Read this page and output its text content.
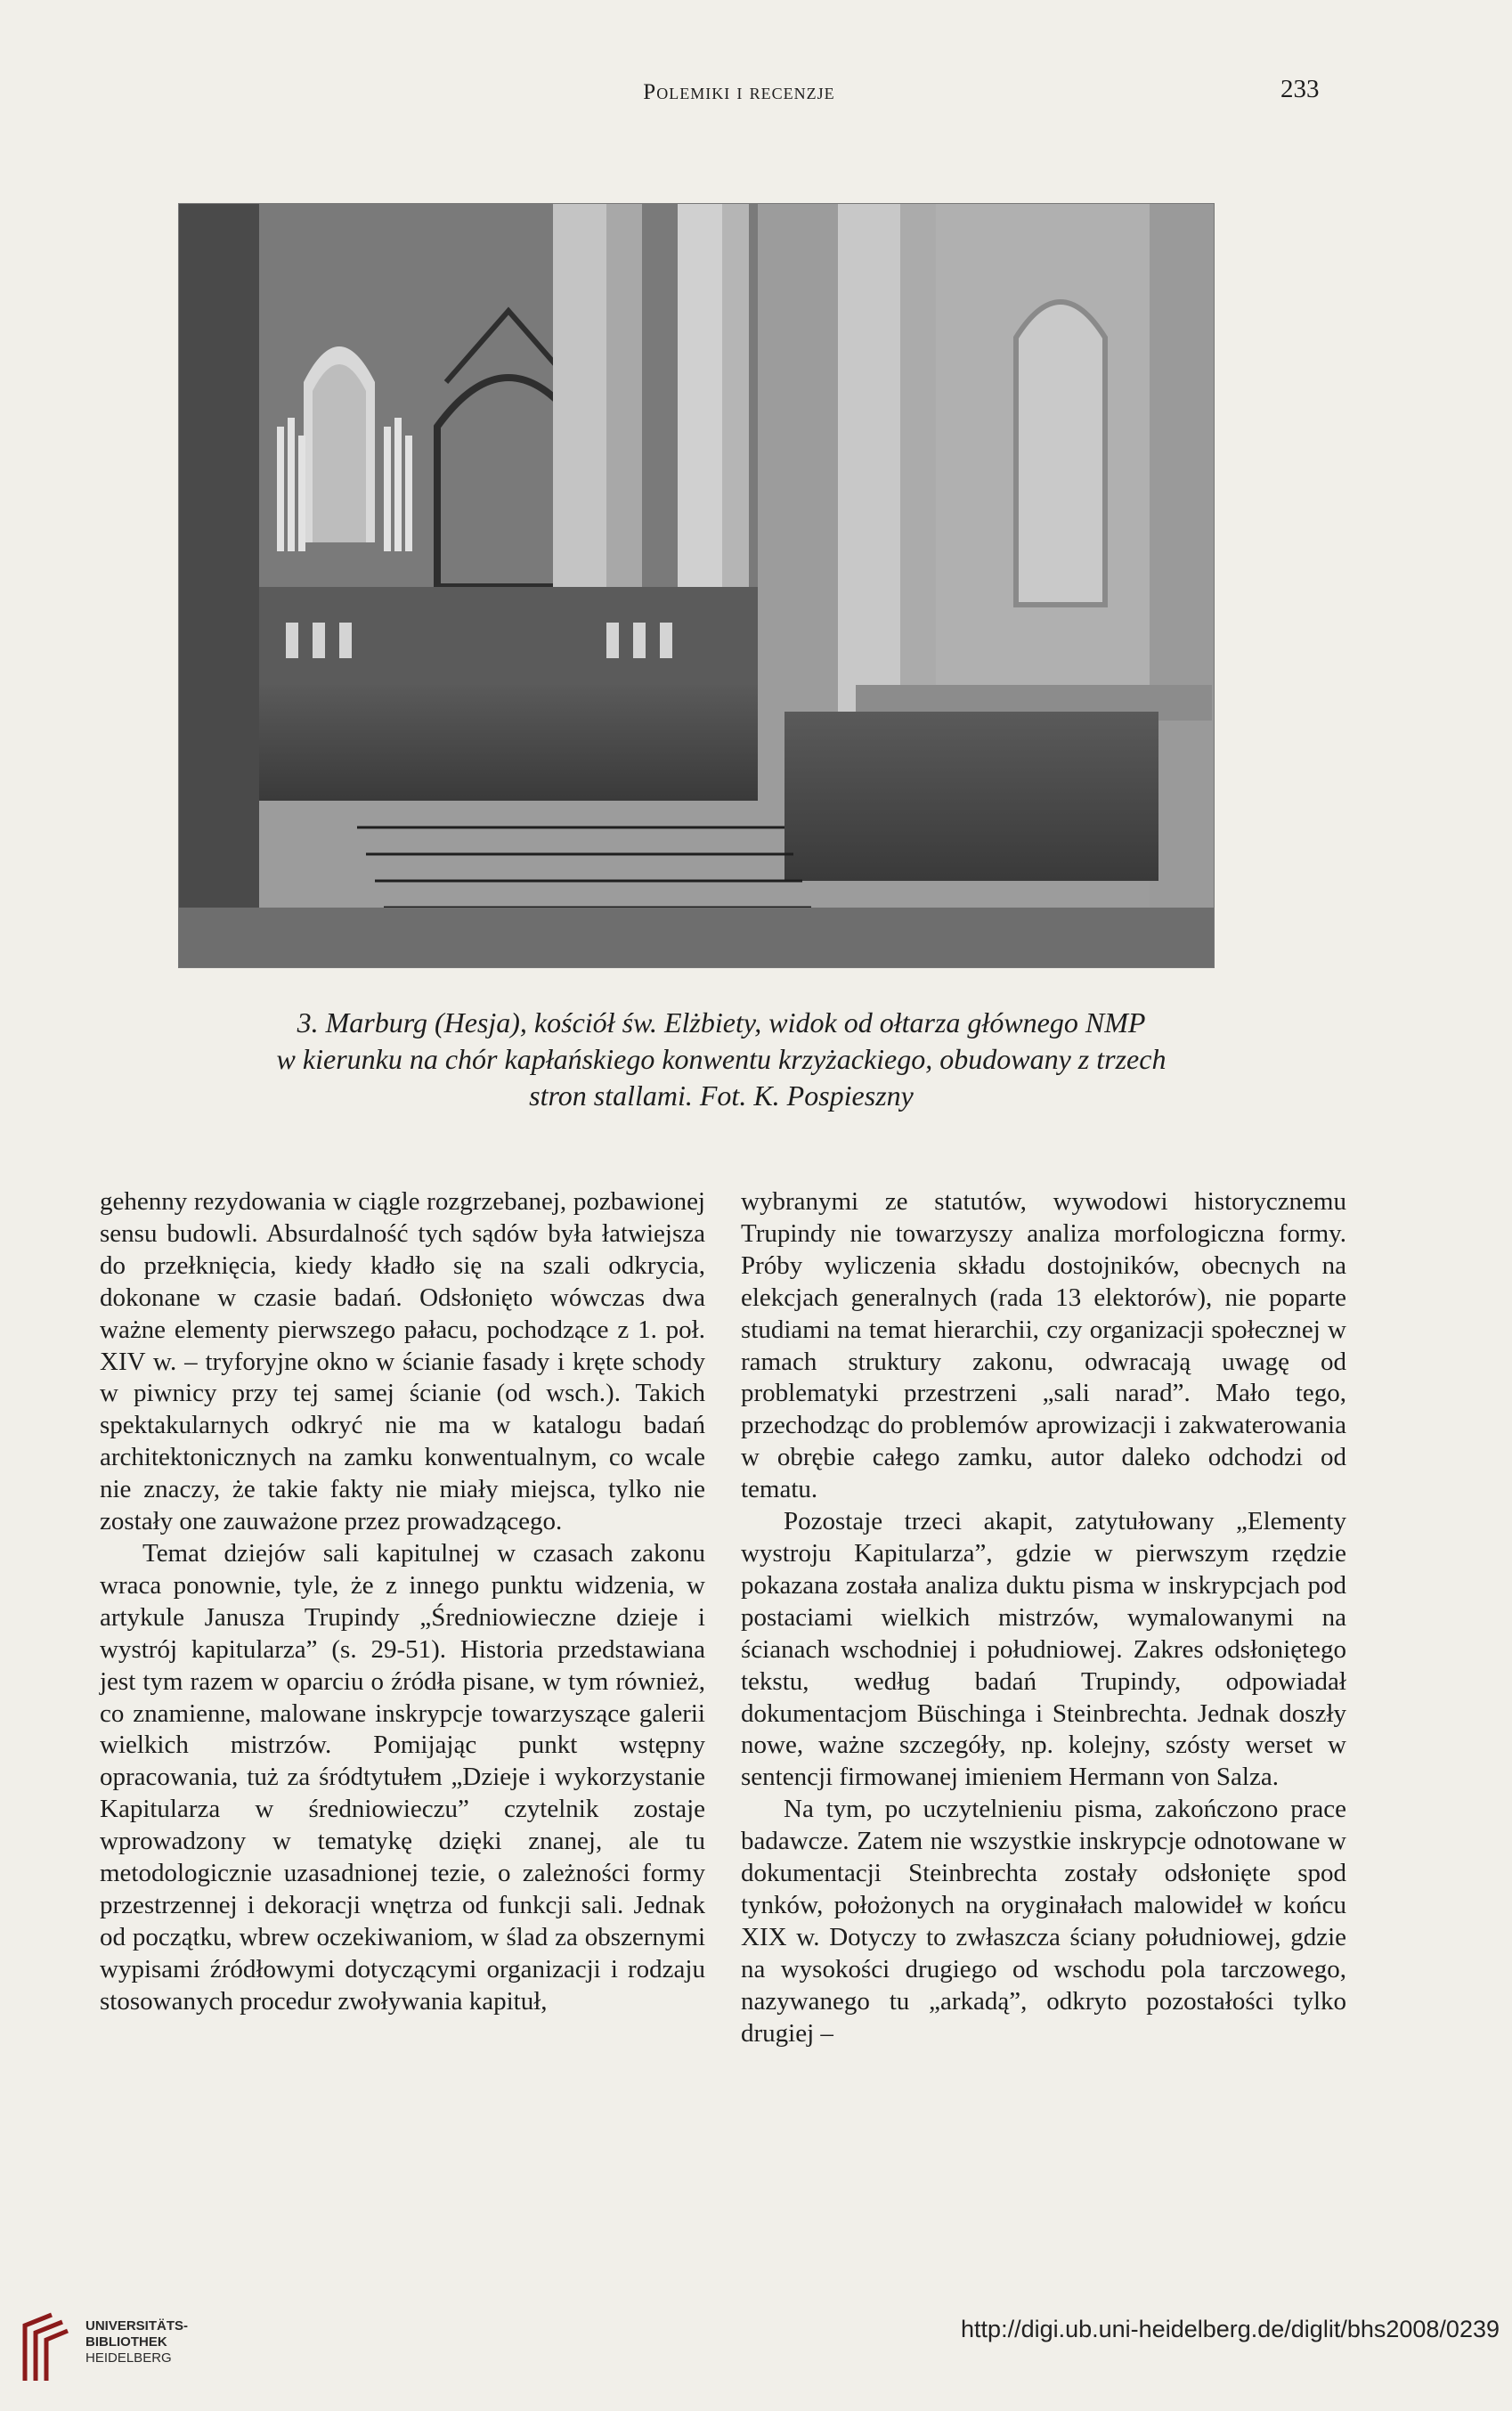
Polemiki i recenzje	233
3. Marburg (Hesja), kościół św. Elżbiety, widok od ołtarza głównego NMP
w kierunku na chór kapłańskiego konwentu krzyżackiego, obudowany z trzech
stron stallami. Fot. K. Pospieszny

gehenny rezydowania w ciągle rozgrzebanej, pozbawionej sensu budowli. Absurdalność tych sądów była łatwiejsza do przełknięcia, kiedy kładło się na szali odkrycia, dokonane w czasie badań. Odsłonięto wówczas dwa ważne elementy pierwszego pałacu, pochodzące z 1. poł. XIV w. – tryforyjne okno w ścianie fasady i kręte schody w piwnicy przy tej samej ścianie (od wsch.). Takich spektakularnych odkryć nie ma w katalogu badań architektonicznych na zamku konwentualnym, co wcale nie znaczy, że takie fakty nie miały miejsca, tylko nie zostały one zauważone przez prowadzącego.

Temat dziejów sali kapitulnej w czasach zakonu wraca ponownie, tyle, że z innego punktu widzenia, w artykule Janusza Trupindy „Średniowieczne dzieje i wystrój kapitularza” (s. 29-51). Historia przedstawiana jest tym razem w oparciu o źródła pisane, w tym również, co znamienne, malowane inskrypcje towarzyszące galerii wielkich mistrzów. Pomijając punkt wstępny opracowania, tuż za śródtytułem „Dzieje i wykorzystanie Kapitularza w średniowieczu” czytelnik zostaje wprowadzony w tematykę dzięki znanej, ale tu metodologicznie uzasadnionej tezie, o zależności formy przestrzennej i dekoracji wnętrza od funkcji sali. Jednak od początku, wbrew oczekiwaniom, w ślad za obszernymi wypisami źródłowymi dotyczącymi organizacji i rodzaju stosowanych procedur zwoływania kapituł,

wybranymi ze statutów, wywodowi historycznemu Trupindy nie towarzyszy analiza morfologiczna formy. Próby wyliczenia składu dostojników, obecnych na elekcjach generalnych (rada 13 elektorów), nie poparte studiami na temat hierarchii, czy organizacji społecznej w ramach struktury zakonu, odwracają uwagę od problematyki przestrzeni „sali narad”. Mało tego, przechodząc do problemów aprowizacji i zakwaterowania w obrębie całego zamku, autor daleko odchodzi od tematu.

Pozostaje trzeci akapit, zatytułowany „Elementy wystroju Kapitularza”, gdzie w pierwszym rzędzie pokazana została analiza duktu pisma w inskrypcjach pod postaciami wielkich mistrzów, wymalowanymi na ścianach wschodniej i południowej. Zakres odsłoniętego tekstu, według badań Trupindy, odpowiadał dokumentacjom Büschinga i Steinbrechta. Jednak doszły nowe, ważne szczegóły, np. kolejny, szósty werset w sentencji firmowanej imieniem Hermann von Salza.

Na tym, po uczytelnieniu pisma, zakończono prace badawcze. Zatem nie wszystkie inskrypcje odnotowane w dokumentacji Steinbrechta zostały odsłonięte spod tynków, położonych na oryginałach malowideł w końcu XIX w. Dotyczy to zwłaszcza ściany południowej, gdzie na wysokości drugiego od wschodu pola tarczowego, nazywanego tu „arkadą”, odkryto pozostałości tylko drugiej –

UNIVERSITÄTS-
BIBLIOTHEK
HEIDELBERG
http://digi.ub.uni-heidelberg.de/diglit/bhs2008/0239
